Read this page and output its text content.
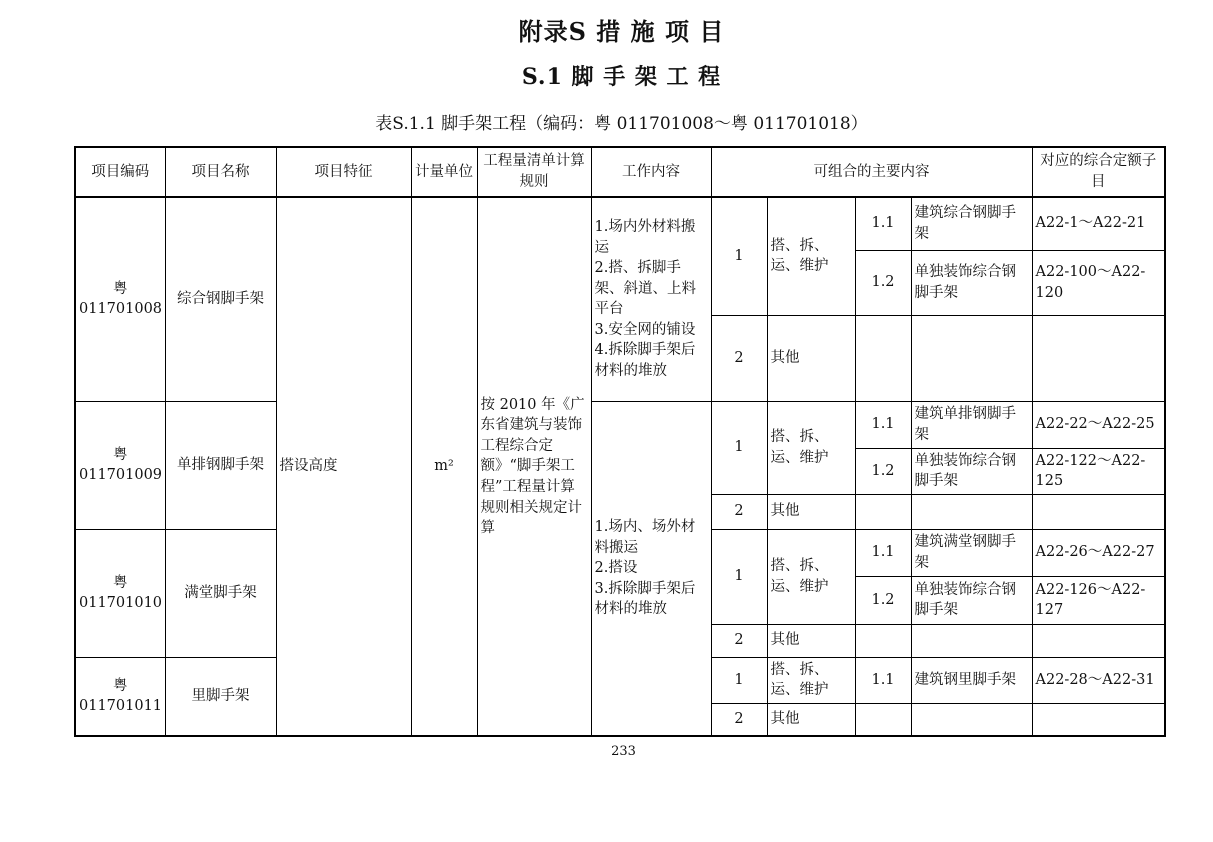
附录S 措 施 项 目
S.1 脚 手 架 工 程
表S.1.1 脚手架工程（编码：粤 011701008～粤 011701018）
项目编码	项目名称	项目特征	计量单位	工程量清单计算规则	工作内容	可组合的主要内容				对应的综合定额子目
粤
011701008	综合钢脚手架	搭设高度	m²	按 2010 年《广东省建筑与装饰工程综合定额》“脚手架工程”工程量计算规则相关规定计算	1.场内外材料搬运
2.搭、拆脚手架、斜道、上料平台
3.安全网的铺设
4.拆除脚手架后材料的堆放	1	搭、拆、运、维护	1.1	建筑综合钢脚手架	A22-1～A22-21
								1.2	单独装饰综合钢脚手架	A22-100～A22-120
						2	其他			
粤
011701009	单排钢脚手架				1.场内、场外材料搬运
2.搭设
3.拆除脚手架后材料的堆放	1	搭、拆、运、维护	1.1	建筑单排钢脚手架	A22-22～A22-25
								1.2	单独装饰综合钢脚手架	A22-122～A22-125
						2	其他			
粤
011701010	满堂脚手架					1	搭、拆、运、维护	1.1	建筑满堂钢脚手架	A22-26～A22-27
								1.2	单独装饰综合钢脚手架	A22-126～A22-127
						2	其他			
粤
011701011	里脚手架					1	搭、拆、运、维护	1.1	建筑钢里脚手架	A22-28～A22-31
						2	其他			
233
